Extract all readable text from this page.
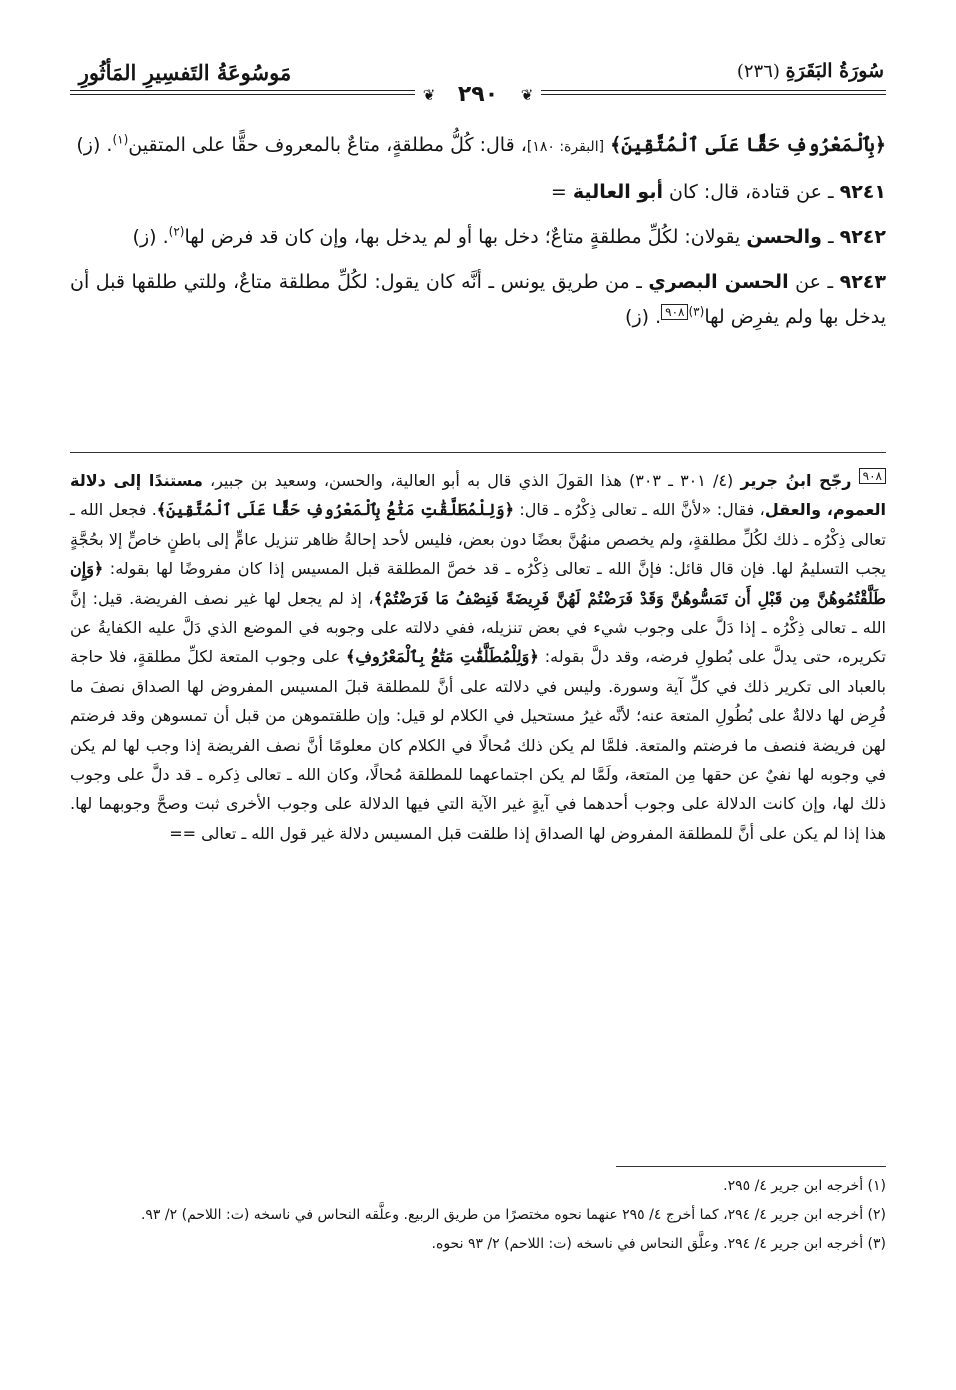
مَوسُوعَةُ التَفسِيرِ المَأثُورِ	سُورَةُ البَقَرَةِ (٢٣٦)
❦	٢٩٠	❦

﴿بِٱلْمَعْرُوفِ حَقًّا عَلَى ٱلْمُتَّقِينَ﴾ [البقرة: ١٨٠]، قال: كُلُّ مطلقةٍ، متاعٌ بالمعروف حقًّا على المتقين$^{(١)}$. (ز)

٩٢٤١ ـ عن قتادة، قال: كان أبو العالية =

٩٢٤٢ ـ والحسن يقولان: لكُلِّ مطلقةٍ متاعٌ؛ دخل بها أو لم يدخل بها، وإن كان قد فرض لها$^{(٢)}$. (ز)

٩٢٤٣ ـ عن الحسن البصري ـ من طريق يونس ـ أنَّه كان يقول: لكُلِّ مطلقة متاعٌ، وللتي طلقها قبل أن يدخل بها ولم يفرِض لها$^{(٣)}$٩٠٨. (ز)

٩٠٨ رجّح ابنُ جرير (٤/ ٣٠١ ـ ٣٠٣) هذا القولَ الذي قال به أبو العالية، والحسن، وسعيد بن جبير، مستندًا إلى دلالة العموم، والعقل، فقال: «لأنَّ الله ـ تعالى ذِكْرُه ـ قال: ﴿وَلِلْمُطَلَّقَٰتِ مَتَٰعُۢ بِٱلْمَعْرُوفِ حَقًّا عَلَى ٱلْمُتَّقِينَ﴾. فجعل الله ـ تعالى ذِكْرُه ـ ذلك لكُلِّ مطلقةٍ، ولم يخصص منهُنَّ بعضًا دون بعض، فليس لأحد إحالةُ ظاهر تنزيل عامٍّ إلى باطنٍ خاصٍّ إلا بحُجَّةٍ يجب التسليمُ لها. فإن قال قائل: فإنَّ الله ـ تعالى ذِكْرُه ـ قد خصَّ المطلقة قبل المسيس إذا كان مفروضًا لها بقوله: ﴿وَإِن طَلَّقْتُمُوهُنَّ مِن قَبْلِ أَن تَمَسُّوهُنَّ وَقَدْ فَرَضْتُمْ لَهُنَّ فَرِيضَةً فَنِصْفُ مَا فَرَضْتُمْ﴾، إذ لم يجعل لها غير نصف الفريضة. قيل: إنَّ الله ـ تعالى ذِكْرُه ـ إذا دَلَّ على وجوب شيء في بعض تنزيله، ففي دلالته على وجوبه في الموضع الذي دَلَّ عليه الكفايةُ عن تكريره، حتى يدلَّ على بُطولِ فرضه، وقد دلَّ بقوله: ﴿وَلِلْمُطَلَّقَٰتِ مَتَٰعُۢ بِٱلْمَعْرُوفِ﴾ على وجوب المتعة لكلِّ مطلقةٍ، فلا حاجة بالعباد الى تكرير ذلك في كلِّ آية وسورة. وليس في دلالته على أنَّ للمطلقة قبلَ المسيس المفروض لها الصداق نصفَ ما فُرِض لها دلالةٌ على بُطُولِ المتعة عنه؛ لأنَّه غيرُ مستحيل في الكلام لو قيل: وإن طلقتموهن من قبل أن تمسوهن وقد فرضتم لهن فريضة فنصف ما فرضتم والمتعة. فلمَّا لم يكن ذلك مُحالًا في الكلام كان معلومًا أنَّ نصف الفريضة إذا وجب لها لم يكن في وجوبه لها نفيٌ عن حقها مِن المتعة، ولَمَّا لم يكن اجتماعهما للمطلقة مُحالًا، وكان الله ـ تعالى ذِكره ـ قد دلَّ على وجوب ذلك لها، وإن كانت الدلالة على وجوب أحدهما في آيةٍ غير الآية التي فيها الدلالة على وجوب الأخرى ثبت وصحَّ وجوبهما لها. هذا إذا لم يكن على أنَّ للمطلقة المفروض لها الصداق إذا طلقت قبل المسيس دلالة غير قول الله ـ تعالى ==

(١) أخرجه ابن جرير ٤/ ٢٩٥.
(٢) أخرجه ابن جرير ٤/ ٢٩٤، كما أخرج ٤/ ٢٩٥ عنهما نحوه مختصرًا من طريق الربيع. وعلَّقه النحاس في ناسخه (ت: اللاحم) ٢/ ٩٣.
(٣) أخرجه ابن جرير ٤/ ٢٩٤. وعلَّق النحاس في ناسخه (ت: اللاحم) ٢/ ٩٣ نحوه.
